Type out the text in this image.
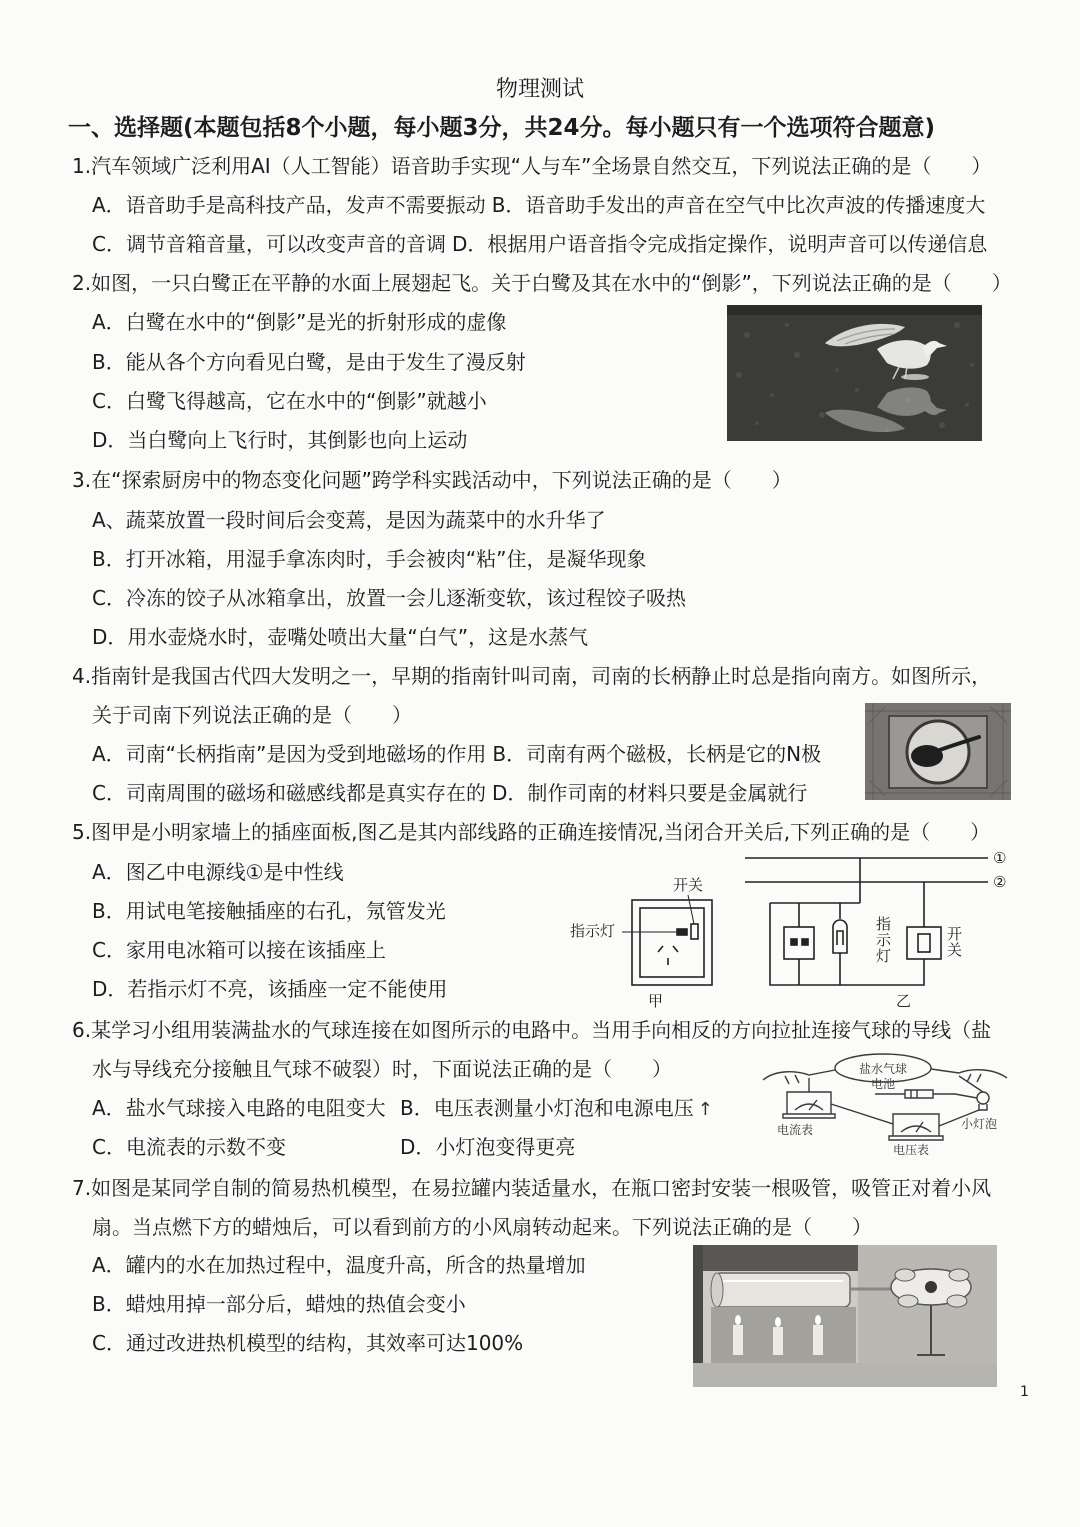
物理测试
一、选择题(本题包括8个小题，每小题3分，共24分。每小题只有一个选项符合题意)
1.汽车领域广泛利用AI（人工智能）语音助手实现“人与车”全场景自然交互，下列说法正确的是（　　）
A．语音助手是高科技产品，发声不需要振动 B．语音助手发出的声音在空气中比次声波的传播速度大
C．调节音箱音量，可以改变声音的音调 D．根据用户语音指令完成指定操作，说明声音可以传递信息
2.如图，一只白鹭正在平静的水面上展翅起飞。关于白鹭及其在水中的“倒影”，下列说法正确的是（　　）
A．白鹭在水中的“倒影”是光的折射形成的虚像
B．能从各个方向看见白鹭，是由于发生了漫反射
C．白鹭飞得越高，它在水中的“倒影”就越小
D．当白鹭向上飞行时，其倒影也向上运动
3.在“探索厨房中的物态变化问题”跨学科实践活动中，下列说法正确的是（　　）
A、蔬菜放置一段时间后会变蔫，是因为蔬菜中的水升华了
B．打开冰箱，用湿手拿冻肉时，手会被肉“粘”住，是凝华现象
C．冷冻的饺子从冰箱拿出，放置一会儿逐渐变软，该过程饺子吸热
D．用水壶烧水时，壶嘴处喷出大量“白气”，这是水蒸气
4.指南针是我国古代四大发明之一，早期的指南针叫司南，司南的长柄静止时总是指向南方。如图所示，
关于司南下列说法正确的是（　　）
A．司南“长柄指南”是因为受到地磁场的作用 B．司南有两个磁极，长柄是它的N极
C．司南周围的磁场和磁感线都是真实存在的 D．制作司南的材料只要是金属就行
5.图甲是小明家墙上的插座面板,图乙是其内部线路的正确连接情况,当闭合开关后,下列正确的是（　　）
A．图乙中电源线①是中性线
B．用试电笔接触插座的右孔，氖管发光
C．家用电冰箱可以接在该插座上
D．若指示灯不亮，该插座一定不能使用
①
②
开关
指示灯	指示灯	开关
甲	乙
6.某学习小组用装满盐水的气球连接在如图所示的电路中。当用手向相反的方向拉扯连接气球的导线（盐
水与导线充分接触且气球不破裂）时，下面说法正确的是（　　）
A．盐水气球接入电路的电阻变大 B．电压表测量小灯泡和电源电压 ↑
C．电流表的示数不变	D．小灯泡变得更亮
盐水气球
电池
电流表
电压表
小灯泡
7.如图是某同学自制的简易热机模型，在易拉罐内装适量水，在瓶口密封安装一根吸管，吸管正对着小风
扇。当点燃下方的蜡烛后，可以看到前方的小风扇转动起来。下列说法正确的是（　　）
A．罐内的水在加热过程中，温度升高，所含的热量增加
B．蜡烛用掉一部分后，蜡烛的热值会变小
C．通过改进热机模型的结构，其效率可达100%
1
